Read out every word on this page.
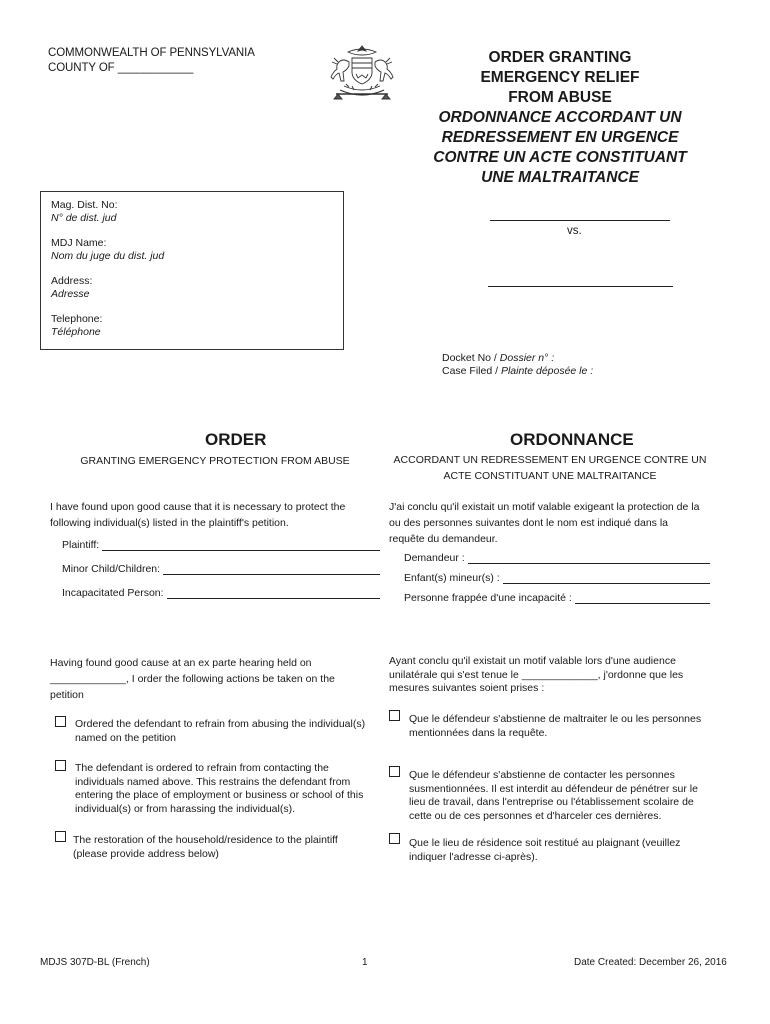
COMMONWEALTH OF PENNSYLVANIA
COUNTY OF ____________
ORDER GRANTING
EMERGENCY RELIEF
FROM ABUSE
ORDONNANCE ACCORDANT UN
REDRESSEMENT EN URGENCE
CONTRE UN ACTE CONSTITUANT
UNE MALTRAITANCE
Mag. Dist. No:
N° de dist. jud
MDJ Name:
Nom du juge du dist. jud
Address:
Adresse
Telephone:
Téléphone
vs.
Docket No / Dossier n° :
Case Filed / Plainte déposée le :
ORDER
GRANTING EMERGENCY PROTECTION FROM ABUSE
I have found upon good cause that it is necessary to protect the
following individual(s) listed in the plaintiff's petition.
Plaintiff:
Minor Child/Children:
Incapacitated Person:
Having found good cause at an ex parte hearing held on
_____________, I order the following actions be taken on the
petition
Ordered the defendant to refrain from abusing the individual(s)
named on the petition
The defendant is ordered to refrain from contacting the
individuals named above. This restrains the defendant from
entering the place of employment or business or school of this
individual(s) or from harassing the individual(s).
The restoration of the household/residence to the plaintiff
(please provide address below)
ORDONNANCE
ACCORDANT UN REDRESSEMENT EN URGENCE CONTRE UN
ACTE CONSTITUANT UNE MALTRAITANCE
J'ai conclu qu'il existait un motif valable exigeant la protection de la
ou des personnes suivantes dont le nom est indiqué dans la
requête du demandeur.
Demandeur :
Enfant(s) mineur(s) :
Personne frappée d'une incapacité :
Ayant conclu qu'il existait un motif valable lors d'une audience
unilatérale qui s'est tenue le _____________, j'ordonne que les
mesures suivantes soient prises :
Que le défendeur s'abstienne de maltraiter le ou les personnes
mentionnées dans la requête.
Que le défendeur s'abstienne de contacter les personnes
susmentionnées. Il est interdit au défendeur de pénétrer sur le
lieu de travail, dans l'entreprise ou l'établissement scolaire de
cette ou de ces personnes et d'harceler ces dernières.
Que le lieu de résidence soit restitué au plaignant (veuillez
indiquer l'adresse ci-après).
MDJS 307D-BL (French)	1	Date Created: December 26, 2016
